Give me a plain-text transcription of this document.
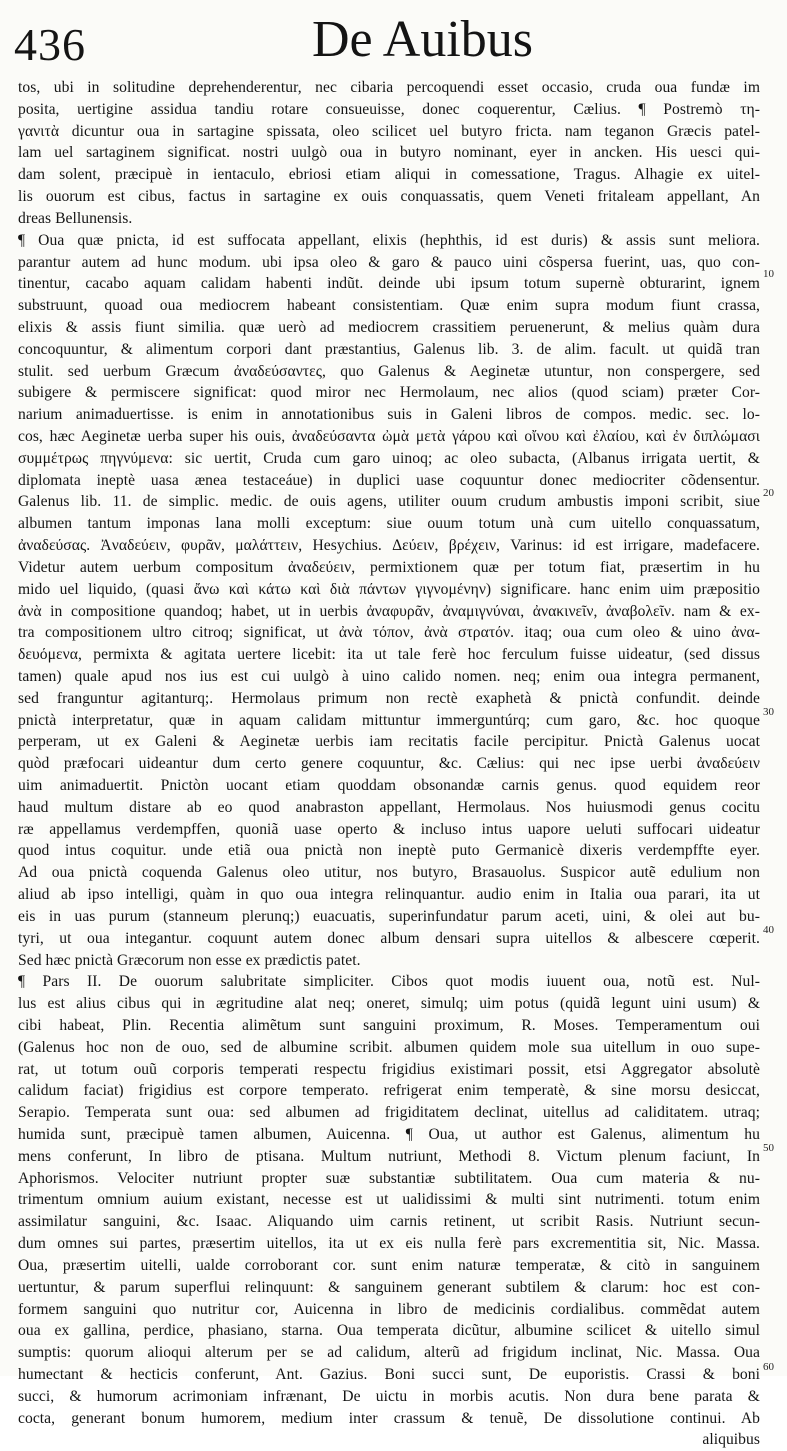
436	De Auibus
tos, ubi in solitudine deprehenderentur, nec cibaria percoquendi esset occasio, cruda oua fundæ im
posita, uertigine assidua tandiu rotare consueuisse, donec coquerentur, Cælius. ¶ Postremò τη-
γανιτὰ dicuntur oua in sartagine spissata, oleo scilicet uel butyro fricta. nam teganon Græcis patel-
lam uel sartaginem significat. nostri uulgò oua in butyro nominant, eyer in ancken. His uesci qui-
dam solent, præcipuè in ientaculo, ebriosi etiam aliqui in comessatione, Tragus. Alhagie ex uitel-
lis ouorum est cibus, factus in sartagine ex ouis conquassatis, quem Veneti fritaleam appellant, An
dreas Bellunensis.
¶ Oua quæ pnicta, id est suffocata appellant, elixis (hephthis, id est duris) & assis sunt meliora.
parantur autem ad hunc modum. ubi ipsa oleo & garo & pauco uini cõspersa fuerint, uas, quo con-
tinentur, cacabo aquam calidam habenti indũt. deinde ubi ipsum totum supernè obturarint, ignem
substruunt, quoad oua mediocrem habeant consistentiam. Quæ enim supra modum fiunt crassa,
elixis & assis fiunt similia. quæ uerò ad mediocrem crassitiem peruenerunt, & melius quàm dura
concoquuntur, & alimentum corpori dant præstantius, Galenus lib. 3. de alim. facult. ut quidã tran
stulit. sed uerbum Græcum ἀναδεύσαντες, quo Galenus & Aeginetæ utuntur, non conspergere, sed
subigere & permiscere significat: quod miror nec Hermolaum, nec alios (quod sciam) præter Cor-
narium animaduertisse. is enim in annotationibus suis in Galeni libros de compos. medic. sec. lo-
cos, hæc Aeginetæ uerba super his ouis, ἀναδεύσαντα ὠμὰ μετὰ γάρου καὶ οἴνου καὶ ἐλαίου, καὶ ἐν διπλώμασι
συμμέτρως πηγνύμενα: sic uertit, Cruda cum garo uinoq; ac oleo subacta, (Albanus irrigata uertit, &
diplomata ineptè uasa ænea testaceáue) in duplici uase coquuntur donec mediocriter cõdensentur.
Galenus lib. 11. de simplic. medic. de ouis agens, utiliter ouum crudum ambustis imponi scribit, siue
albumen tantum imponas lana molli exceptum: siue ouum totum unà cum uitello conquassatum,
ἀναδεύσας. Ἀναδεύειν, φυρᾶν, μαλάττειν, Hesychius. Δεύειν, βρέχειν, Varinus: id est irrigare, madefacere.
Videtur autem uerbum compositum ἀναδεύειν, permixtionem quæ per totum fiat, præsertim in hu
mido uel liquido, (quasi ἄνω καὶ κάτω καὶ διὰ πάντων γιγνομένην) significare. hanc enim uim præpositio
ἀνὰ in compositione quandoq; habet, ut in uerbis ἀναφυρᾶν, ἀναμιγνύναι, ἀνακινεῖν, ἀναβολεῖν. nam & ex-
tra compositionem ultro citroq; significat, ut ἀνὰ τόπον, ἀνὰ στρατόν. itaq; oua cum oleo & uino ἀνα-
δευόμενα, permixta & agitata uertere licebit: ita ut tale ferè hoc ferculum fuisse uideatur, (sed dissus
tamen) quale apud nos ius est cui uulgò à uino calido nomen. neq; enim oua integra permanent,
sed franguntur agitanturq;. Hermolaus primum non rectè exaphetà & pnictà confundit. deinde
pnictà interpretatur, quæ in aquam calidam mittuntur immerguntúrq; cum garo, &c. hoc quoque
perperam, ut ex Galeni & Aeginetæ uerbis iam recitatis facile percipitur. Pnictà Galenus uocat
quòd præfocari uideantur dum certo genere coquuntur, &c. Cælius: qui nec ipse uerbi ἀναδεύειν
uim animaduertit. Pnictòn uocant etiam quoddam obsonandæ carnis genus. quod equidem reor
haud multum distare ab eo quod anabraston appellant, Hermolaus. Nos huiusmodi genus cocitu
ræ appellamus verdempffen, quoniã uase operto & incluso intus uapore ueluti suffocari uideatur
quod intus coquitur. unde etiã oua pnictà non ineptè puto Germanicè dixeris verdempffte eyer.
Ad oua pnictà coquenda Galenus oleo utitur, nos butyro, Brasauolus. Suspicor autẽ edulium non
aliud ab ipso intelligi, quàm in quo oua integra relinquantur. audio enim in Italia oua parari, ita ut
eis in uas purum (stanneum plerunq;) euacuatis, superinfundatur parum aceti, uini, & olei aut bu-
tyri, ut oua integantur. coquunt autem donec album densari supra uitellos & albescere cœperit.
Sed hæc pnictà Græcorum non esse ex prædictis patet.
¶ Pars II. De ouorum salubritate simpliciter. Cibos quot modis iuuent oua, notũ est. Nul-
lus est alius cibus qui in ægritudine alat neq; oneret, simulq; uim potus (quidã legunt uini usum) &
cibi habeat, Plin. Recentia alimẽtum sunt sanguini proximum, R. Moses. Temperamentum oui
(Galenus hoc non de ouo, sed de albumine scribit. albumen quidem mole sua uitellum in ouo supe-
rat, ut totum ouũ corporis temperati respectu frigidius existimari possit, etsi Aggregator absolutè
calidum faciat) frigidius est corpore temperato. refrigerat enim temperatè, & sine morsu desiccat,
Serapio. Temperata sunt oua: sed albumen ad frigiditatem declinat, uitellus ad caliditatem. utraq;
humida sunt, præcipuè tamen albumen, Auicenna. ¶ Oua, ut author est Galenus, alimentum hu
mens conferunt, In libro de ptisana. Multum nutriunt, Methodi 8. Victum plenum faciunt, In
Aphorismos. Velociter nutriunt propter suæ substantiæ subtilitatem. Oua cum materia & nu-
trimentum omnium auium existant, necesse est ut ualidissimi & multi sint nutrimenti. totum enim
assimilatur sanguini, &c. Isaac. Aliquando uim carnis retinent, ut scribit Rasis. Nutriunt secun-
dum omnes sui partes, præsertim uitellos, ita ut ex eis nulla ferè pars excrementitia sit, Nic. Massa.
Oua, præsertim uitelli, ualde corroborant cor. sunt enim naturæ temperatæ, & citò in sanguinem
uertuntur, & parum superflui relinquunt: & sanguinem generant subtilem & clarum: hoc est con-
formem sanguini quo nutritur cor, Auicenna in libro de medicinis cordialibus. commẽdat autem
oua ex gallina, perdice, phasiano, starna. Oua temperata dicũtur, albumine scilicet & uitello simul
sumptis: quorum alioqui alterum per se ad calidum, alterũ ad frigidum inclinat, Nic. Massa. Oua
humectant & hecticis conferunt, Ant. Gazius. Boni succi sunt, De euporistis. Crassi & boni
succi, & humorum acrimoniam infrænant, De uictu in morbis acutis. Non dura bene parata &
cocta, generant bonum humorem, medium inter crassum & tenuẽ, De dissolutione continui. Ab
aliquibus
10
20
30
40
50
60
